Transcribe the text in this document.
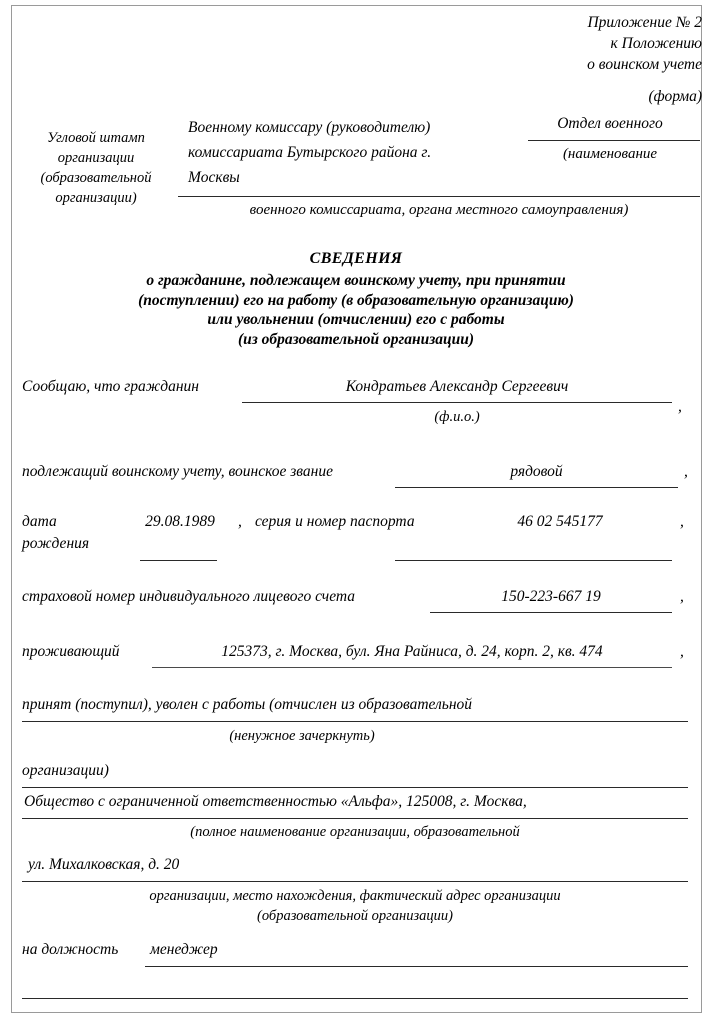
Приложение № 2
к Положению
о воинском учете
(форма)
Угловой штамп
организации
(образовательной
организации)
Военному комиссару (руководителю)
комиссариата Бутырского района г.
Москвы
Отдел военного
(наименование
военного комиссариата, органа местного самоуправления)
СВЕДЕНИЯ
о гражданине, подлежащем воинскому учету, при принятии
(поступлении) его на работу (в образовательную организацию)
или увольнении (отчислении) его с работы
(из образовательной организации)
Сообщаю, что гражданин	Кондратьев Александр Сергеевич
,
(ф.и.о.)
подлежащий воинскому учету, воинское звание	рядовой	,
дата
рождения
29.08.1989	, серия и номер паспорта	46 02 545177	,
страховой номер индивидуального лицевого счета	150-223-667 19	,
проживающий	125373, г. Москва, бул. Яна Райниса, д. 24, корп. 2, кв. 474	,
принят (поступил), уволен с работы (отчислен из образовательной
(ненужное зачеркнуть)
организации)
Общество с ограниченной ответственностью «Альфа», 125008, г. Москва,
(полное наименование организации, образовательной
ул. Михалковская, д. 20
организации, место нахождения, фактический адрес организации
(образовательной организации)
на должность менеджер
